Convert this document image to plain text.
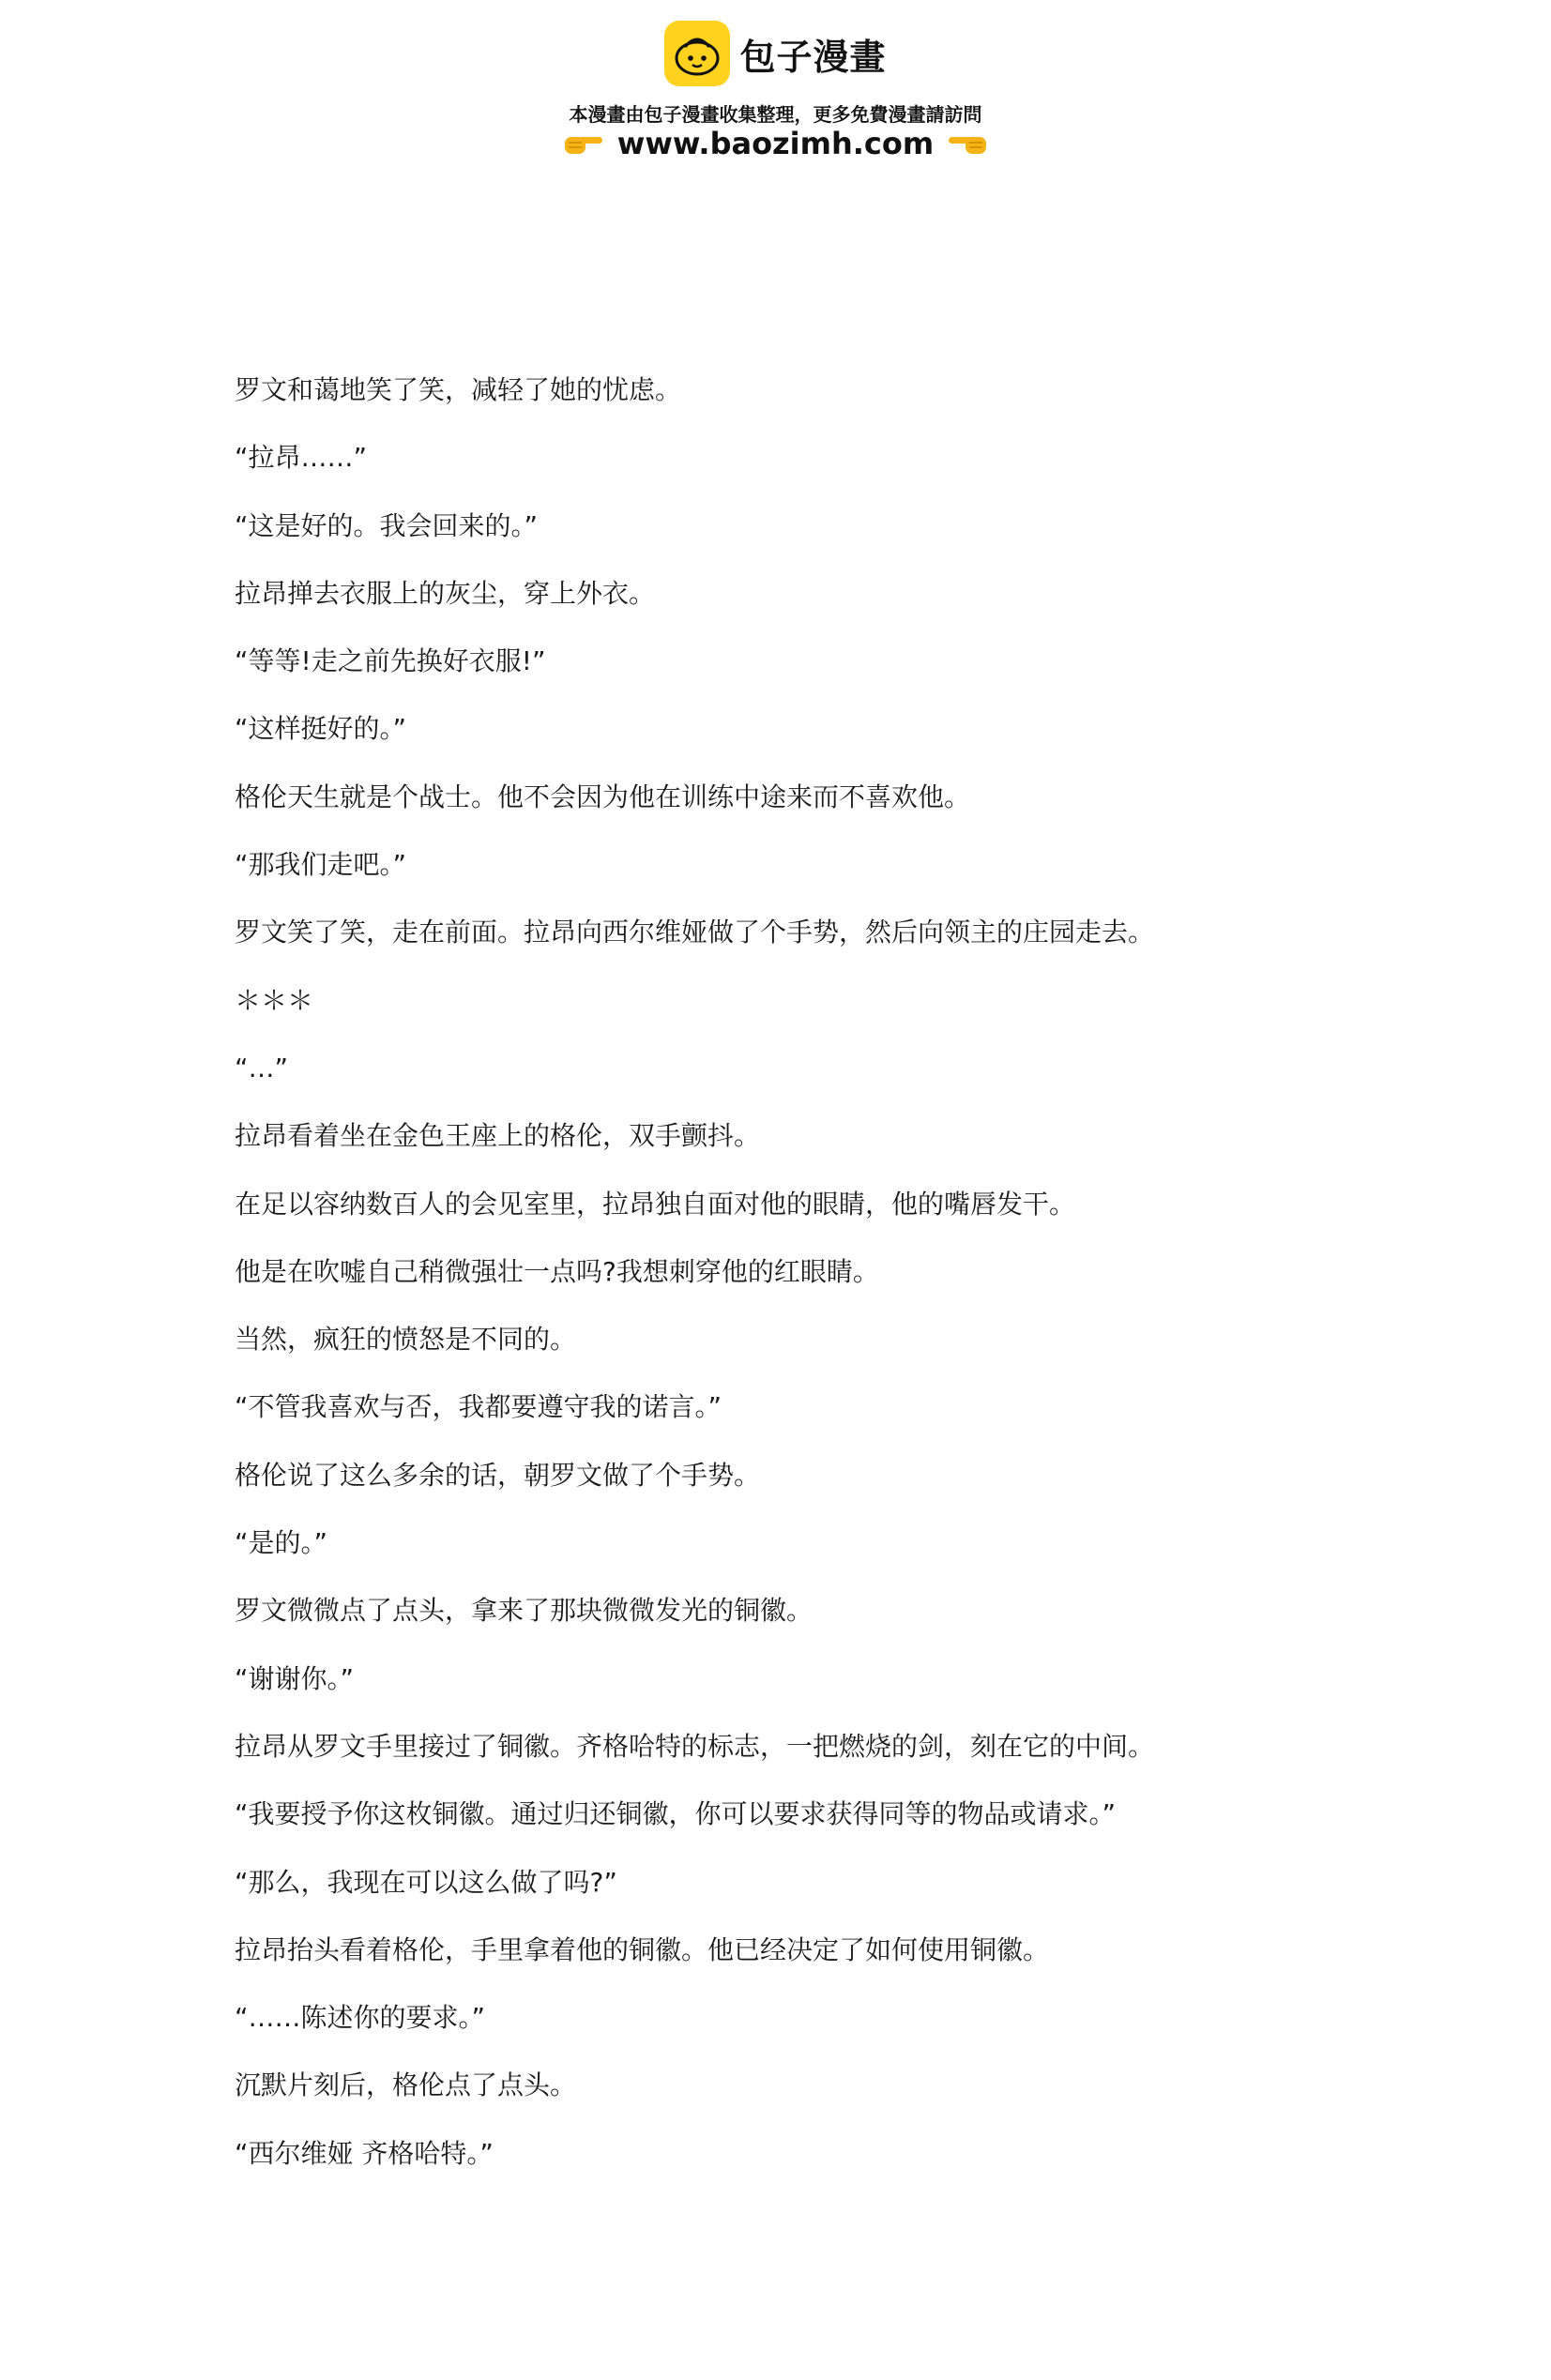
包子漫畫
本漫畫由包子漫畫收集整理，更多免費漫畫請訪問
www.baozimh.com

罗文和蔼地笑了笑，减轻了她的忧虑。

“拉昂……”

“这是好的。我会回来的。”

拉昂掸去衣服上的灰尘，穿上外衣。

“等等!走之前先换好衣服!”

“这样挺好的。”

格伦天生就是个战士。他不会因为他在训练中途来而不喜欢他。

“那我们走吧。”

罗文笑了笑，走在前面。拉昂向西尔维娅做了个手势，然后向领主的庄园走去。

＊＊＊

“…”

拉昂看着坐在金色王座上的格伦，双手颤抖。

在足以容纳数百人的会见室里，拉昂独自面对他的眼睛，他的嘴唇发干。

他是在吹嘘自己稍微强壮一点吗?我想刺穿他的红眼睛。

当然，疯狂的愤怒是不同的。

“不管我喜欢与否，我都要遵守我的诺言。”

格伦说了这么多余的话，朝罗文做了个手势。

“是的。”

罗文微微点了点头，拿来了那块微微发光的铜徽。

“谢谢你。”

拉昂从罗文手里接过了铜徽。齐格哈特的标志，一把燃烧的剑，刻在它的中间。

“我要授予你这枚铜徽。通过归还铜徽，你可以要求获得同等的物品或请求。”

“那么，我现在可以这么做了吗?”

拉昂抬头看着格伦，手里拿着他的铜徽。他已经决定了如何使用铜徽。

“……陈述你的要求。”

沉默片刻后，格伦点了点头。

“西尔维娅 齐格哈特。”
